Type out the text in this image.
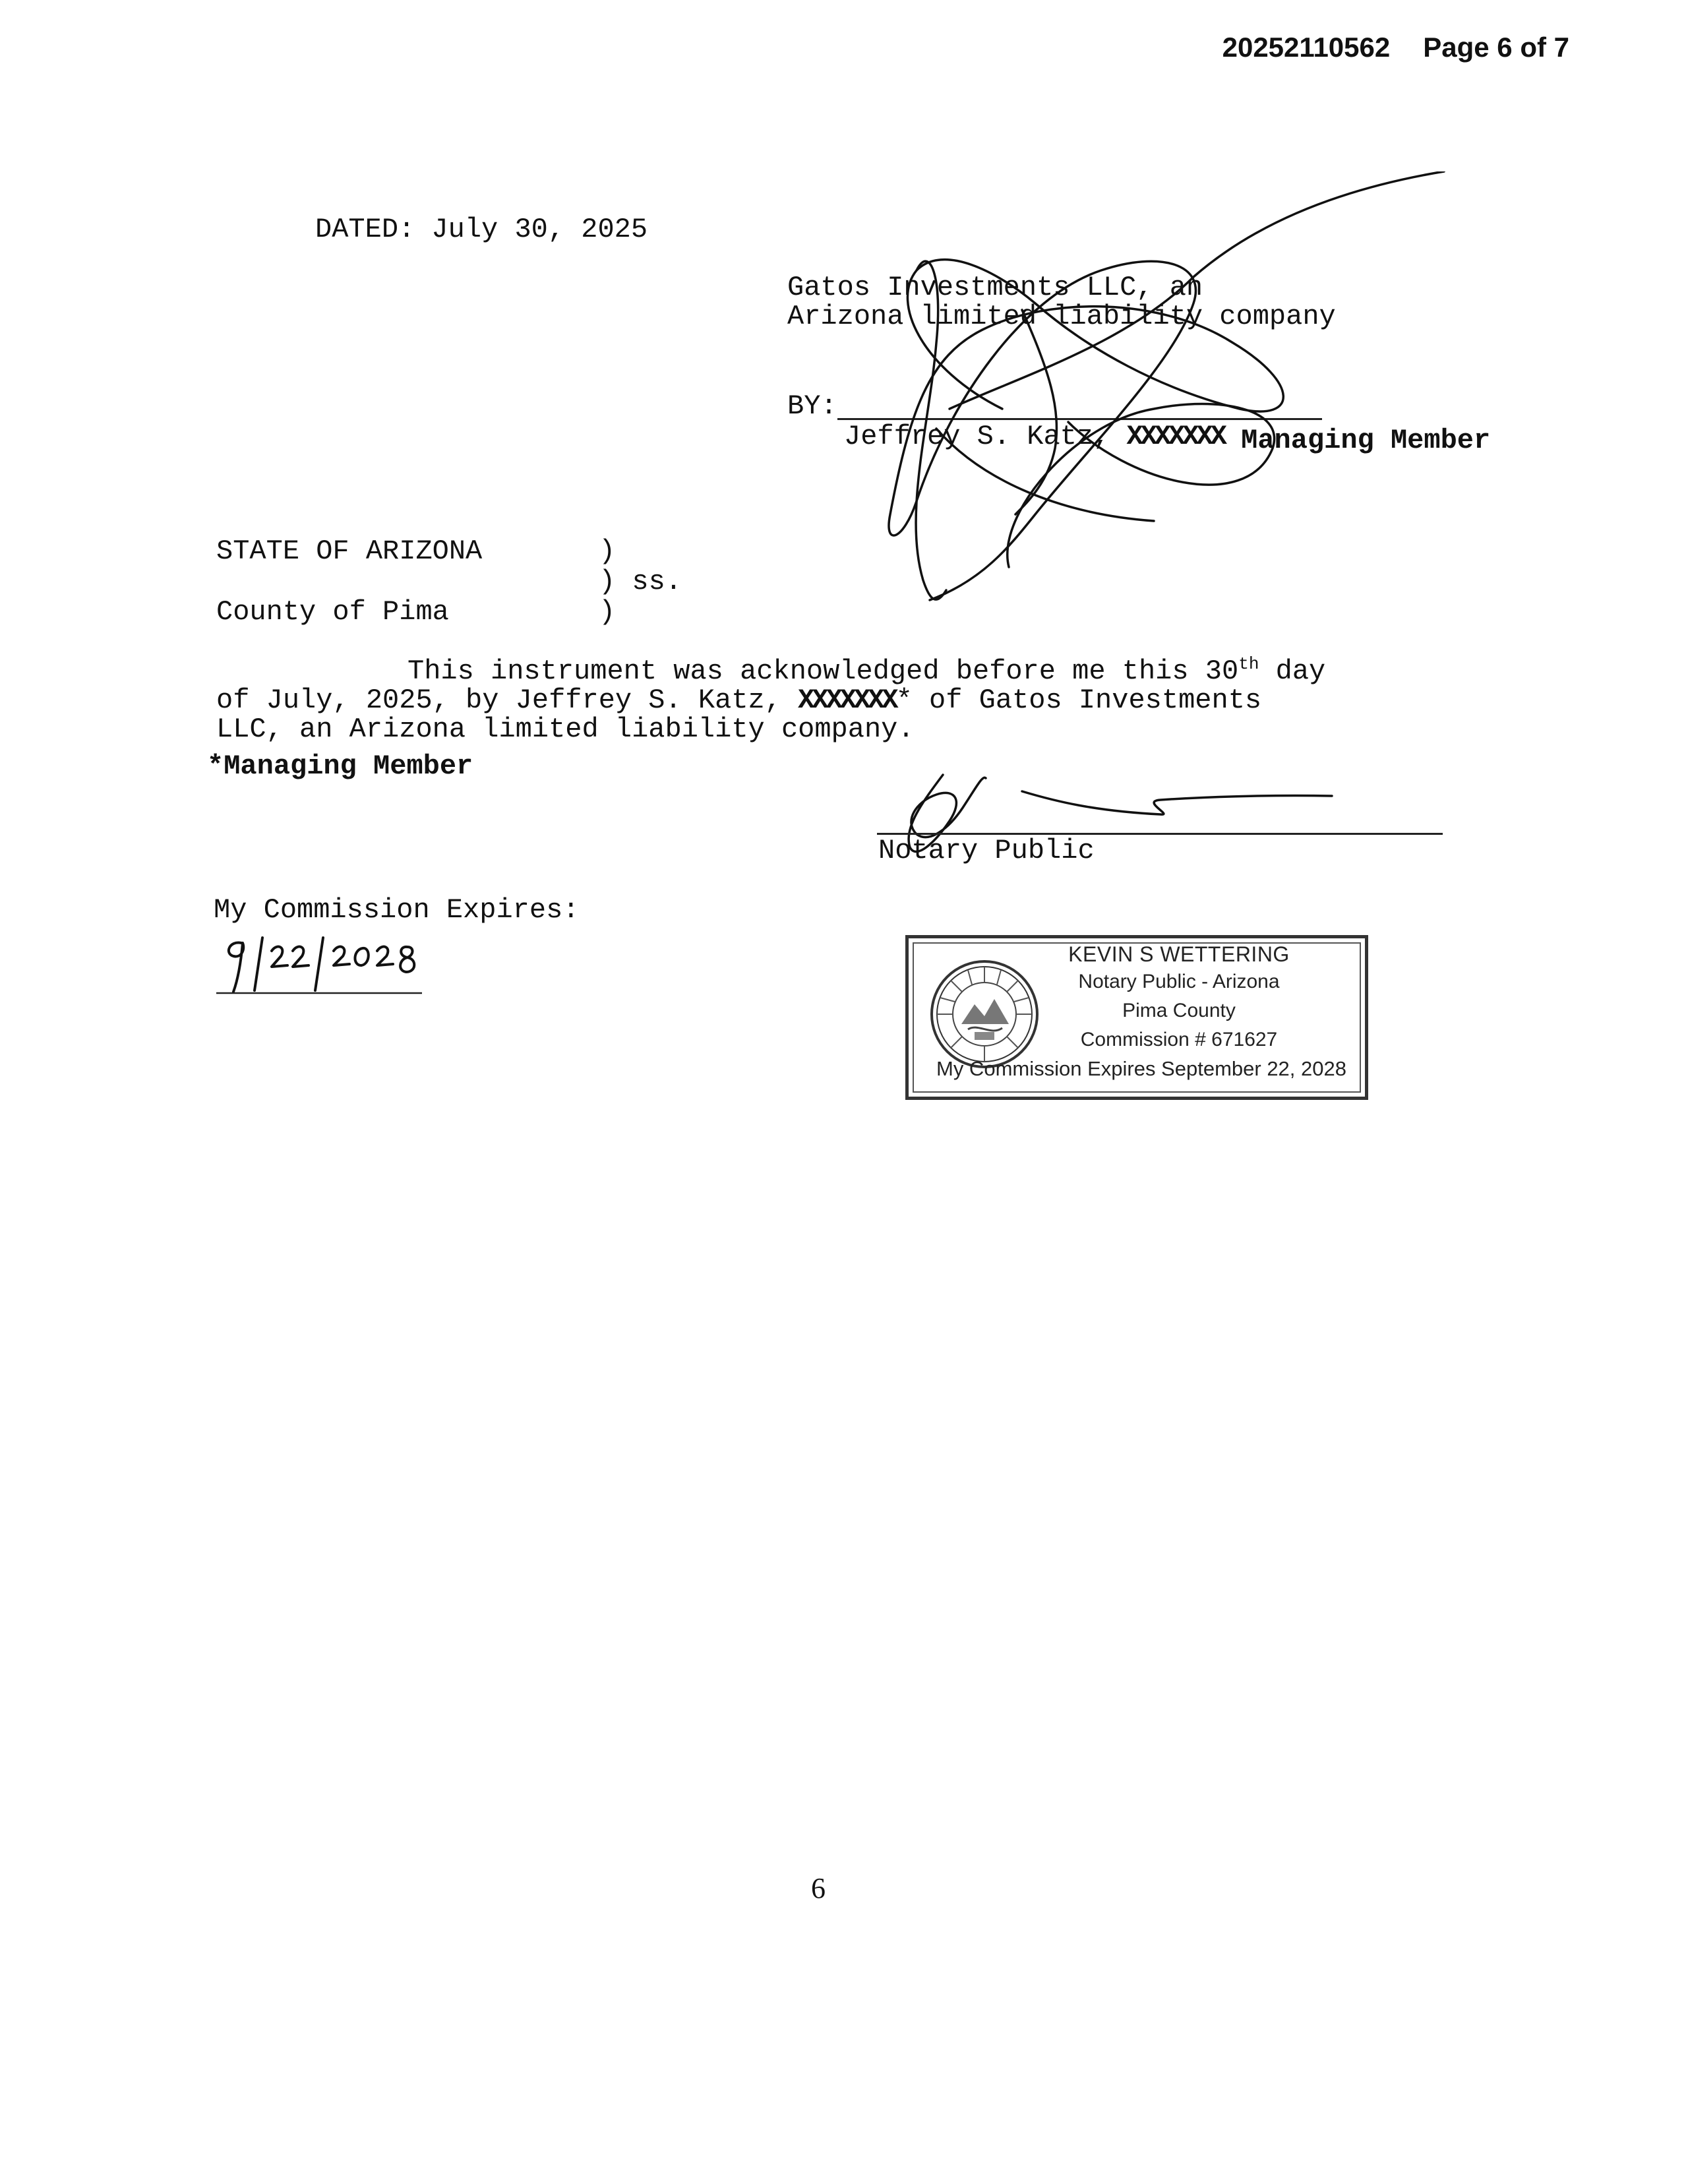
20252110562 Page 6 of 7
DATED: July 30, 2025
Gatos Investments LLC, an
Arizona limited liability company
BY:
Jeffrey S. Katz, XXXXXXX Managing Member
STATE OF ARIZONA	)
) ss.
County of Pima	)
This instrument was acknowledged before me this 30th day
of July, 2025, by Jeffrey S. Katz, XXXXXXX* of Gatos Investments
LLC, an Arizona limited liability company.
*Managing Member
Notary Public
My Commission Expires:
KEVIN S WETTERING
Notary Public - Arizona
Pima County
Commission # 671627
My Commission Expires September 22, 2028
6
